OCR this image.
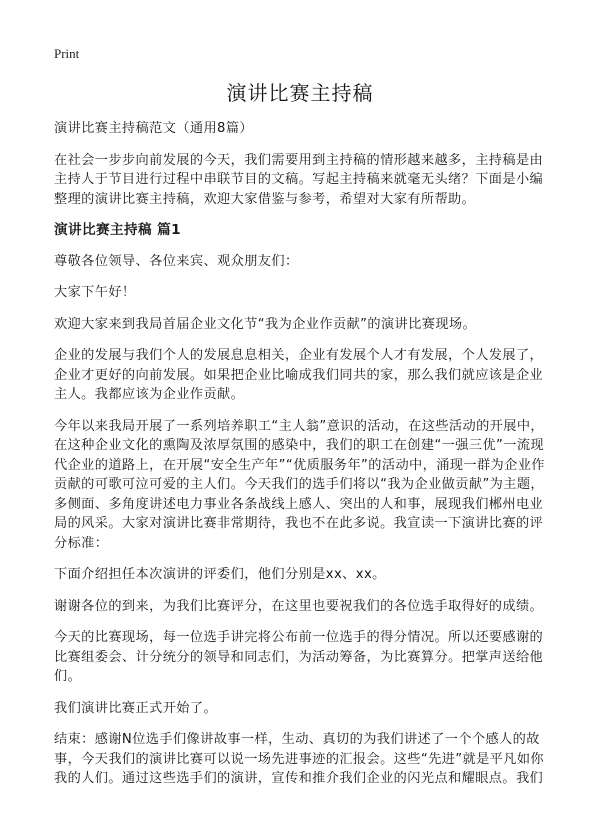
Print
演讲比赛主持稿

演讲比赛主持稿范文（通用8篇）

在社会一步步向前发展的今天，我们需要用到主持稿的情形越来越多，主持稿是由主持人于节目进行过程中串联节目的文稿。写起主持稿来就毫无头绪？下面是小编整理的演讲比赛主持稿，欢迎大家借鉴与参考，希望对大家有所帮助。

演讲比赛主持稿 篇1

尊敬各位领导、各位来宾、观众朋友们：

大家下午好！

欢迎大家来到我局首届企业文化节“我为企业作贡献”的演讲比赛现场。

企业的发展与我们个人的发展息息相关，企业有发展个人才有发展，个人发展了，企业才更好的向前发展。如果把企业比喻成我们同共的家，那么我们就应该是企业主人。我都应该为企业作贡献。

今年以来我局开展了一系列培养职工“主人翁”意识的活动，在这些活动的开展中，在这种企业文化的熏陶及浓厚氛围的感染中，我们的职工在创建“一强三优”一流现代企业的道路上，在开展“安全生产年”“优质服务年”的活动中，涌现一群为企业作贡献的可歌可泣可爱的主人们。今天我们的选手们将以“我为企业做贡献”为主题，多侧面、多角度讲述电力事业各条战线上感人、突出的人和事，展现我们郴州电业局的风采。大家对演讲比赛非常期待，我也不在此多说。我宣读一下演讲比赛的评分标准：

下面介绍担任本次演讲的评委们，他们分别是xx、xx。

谢谢各位的到来，为我们比赛评分，在这里也要祝我们的各位选手取得好的成绩。

今天的比赛现场，每一位选手讲完将公布前一位选手的得分情况。所以还要感谢的比赛组委会、计分统分的领导和同志们，为活动筹备，为比赛算分。把掌声送给他们。

我们演讲比赛正式开始了。

结束：感谢N位选手们像讲故事一样，生动、真切的为我们讲述了一个个感人的故事，今天我们的演讲比赛可以说一场先进事迹的汇报会。这些“先进”就是平凡如你我的人们。通过这些选手们的演讲，宣传和推介我们企业的闪光点和耀眼点。我们
